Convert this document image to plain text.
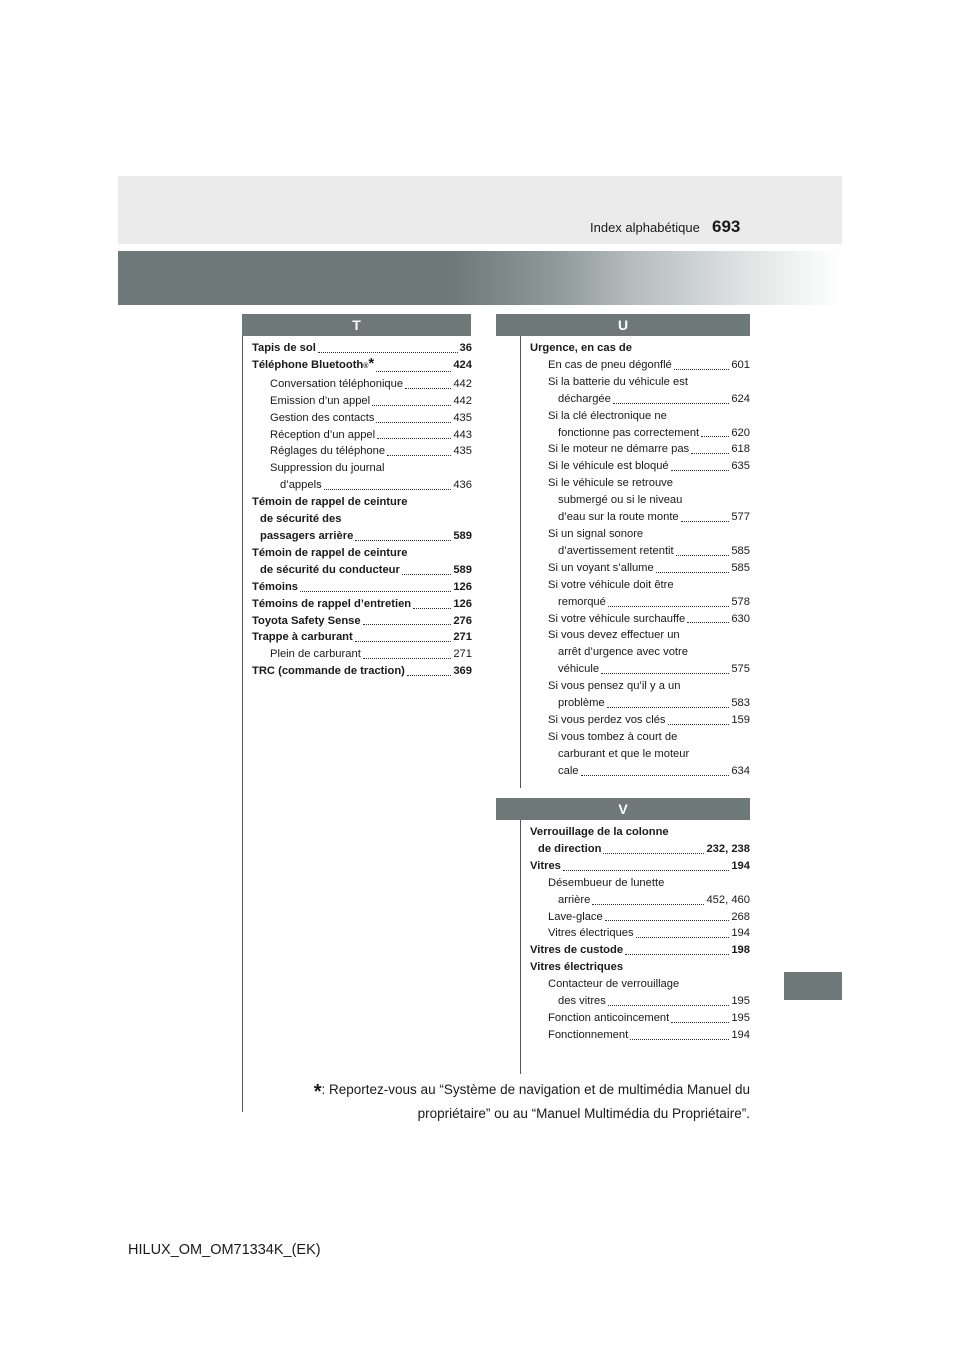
693
Index alphabétique
T	U
V
Tapis de sol	36
Téléphone Bluetooth ® *	424
Conversation téléphonique	442
Emission d’un appel	442
Gestion des contacts	435
Réception d’un appel	443
Réglages du téléphone	435
Suppression du journal
d’appels	436
Témoin de rappel de ceinture
de sécurité des
passagers arrière	589
Témoin de rappel de ceinture
de sécurité du conducteur	589
Témoins	126
Témoins de rappel d’entretien	126
Toyota Safety Sense	276
Trappe à carburant	271
Plein de carburant	271
TRC (commande de traction)	369
Urgence, en cas de
En cas de pneu dégonflé	601
Si la batterie du véhicule est
déchargée	624
Si la clé électronique ne
fonctionne pas correctement	620
Si le moteur ne démarre pas	618
Si le véhicule est bloqué	635
Si le véhicule se retrouve
submergé ou si le niveau
d’eau sur la route monte	577
Si un signal sonore
d’avertissement retentit	585
Si un voyant s’allume	585
Si votre véhicule doit être
remorqué	578
Si votre véhicule surchauffe	630
Si vous devez effectuer un
arrêt d’urgence avec votre
véhicule	575
Si vous pensez qu’il y a un
problème	583
Si vous perdez vos clés	159
Si vous tombez à court de
carburant et que le moteur
cale	634
Verrouillage de la colonne
de direction	232, 238
Vitres	194
Désembueur de lunette
arrière	452, 460
Lave-glace	268
Vitres électriques	194
Vitres de custode	198
Vitres électriques
Contacteur de verrouillage
des vitres	195
Fonction anticoincement	195
Fonctionnement	194
*: Reportez-vous au “Système de navigation et de multimédia Manuel du
propriétaire” ou au “Manuel Multimédia du Propriétaire”.
HILUX_OM_OM71334K_(EK)
